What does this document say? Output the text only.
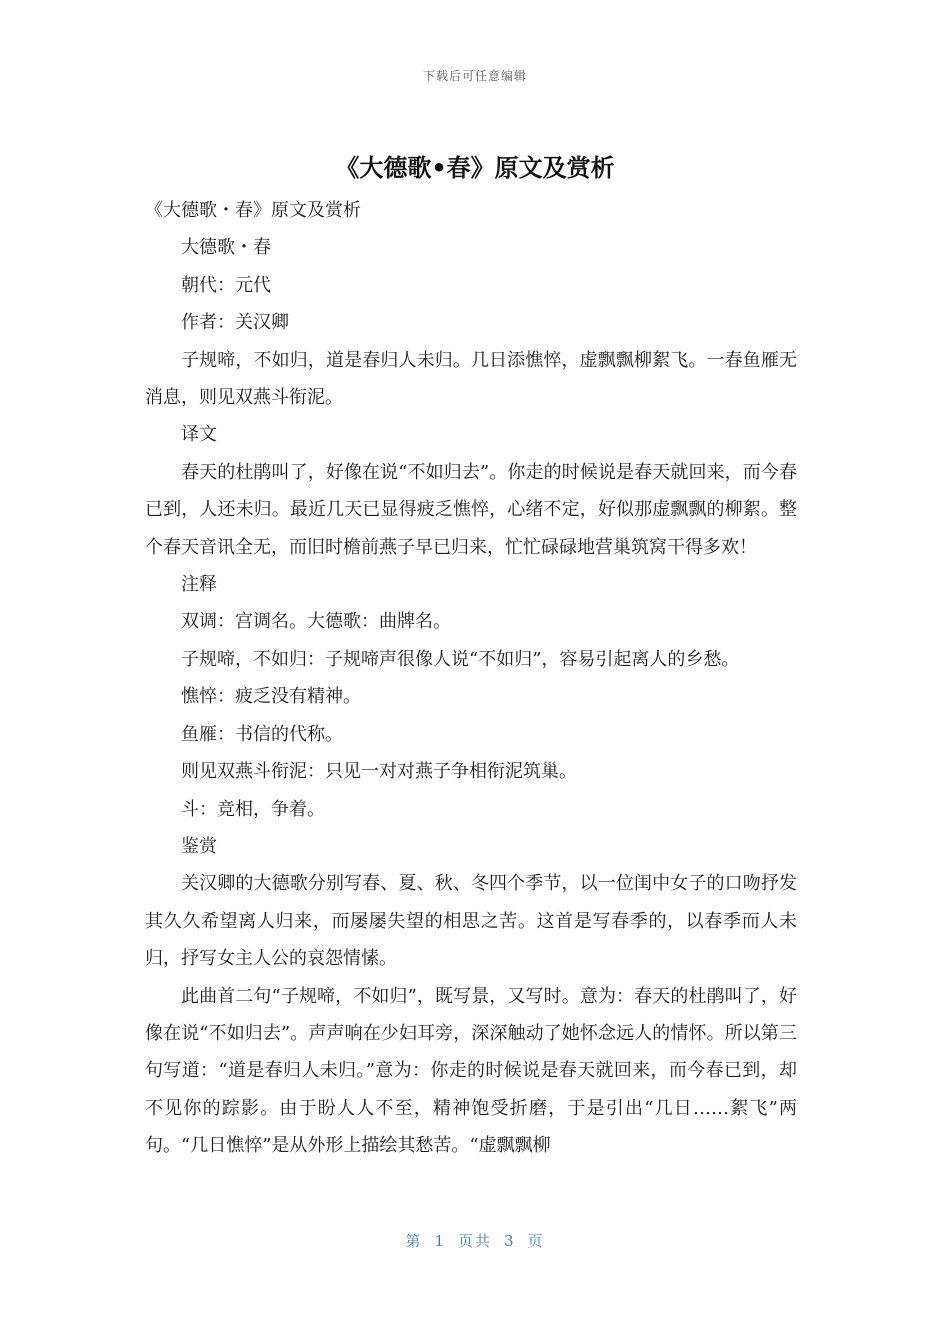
下载后可任意编辑
《大德歌•春》原文及赏析

《大德歌・春》原文及赏析

大德歌・春

朝代：元代

作者：关汉卿

子规啼，不如归，道是春归人未归。几日添憔悴，虚飘飘柳絮飞。一春鱼雁无消息，则见双燕斗衔泥。

译文

春天的杜鹃叫了，好像在说“不如归去”。你走的时候说是春天就回来，而今春已到，人还未归。最近几天已显得疲乏憔悴，心绪不定，好似那虚飘飘的柳絮。整个春天音讯全无，而旧时檐前燕子早已归来，忙忙碌碌地营巢筑窝干得多欢！

注释

双调：宫调名。大德歌：曲牌名。

子规啼，不如归：子规啼声很像人说“不如归”，容易引起离人的乡愁。

憔悴：疲乏没有精神。

鱼雁：书信的代称。

则见双燕斗衔泥：只见一对对燕子争相衔泥筑巢。

斗：竞相，争着。

鉴赏

关汉卿的大德歌分别写春、夏、秋、冬四个季节，以一位闺中女子的口吻抒发其久久希望离人归来，而屡屡失望的相思之苦。这首是写春季的，以春季而人未归，抒写女主人公的哀怨情愫。

此曲首二句“子规啼，不如归”，既写景，又写时。意为：春天的杜鹃叫了，好像在说“不如归去”。声声响在少妇耳旁，深深触动了她怀念远人的情怀。所以第三句写道：“道是春归人未归。”意为：你走的时候说是春天就回来，而今春已到，却不见你的踪影。由于盼人人不至，精神饱受折磨，于是引出“几日……絮飞”两句。“几日憔悴”是从外形上描绘其愁苦。“虚飘飘柳

第 1 页共 3 页
